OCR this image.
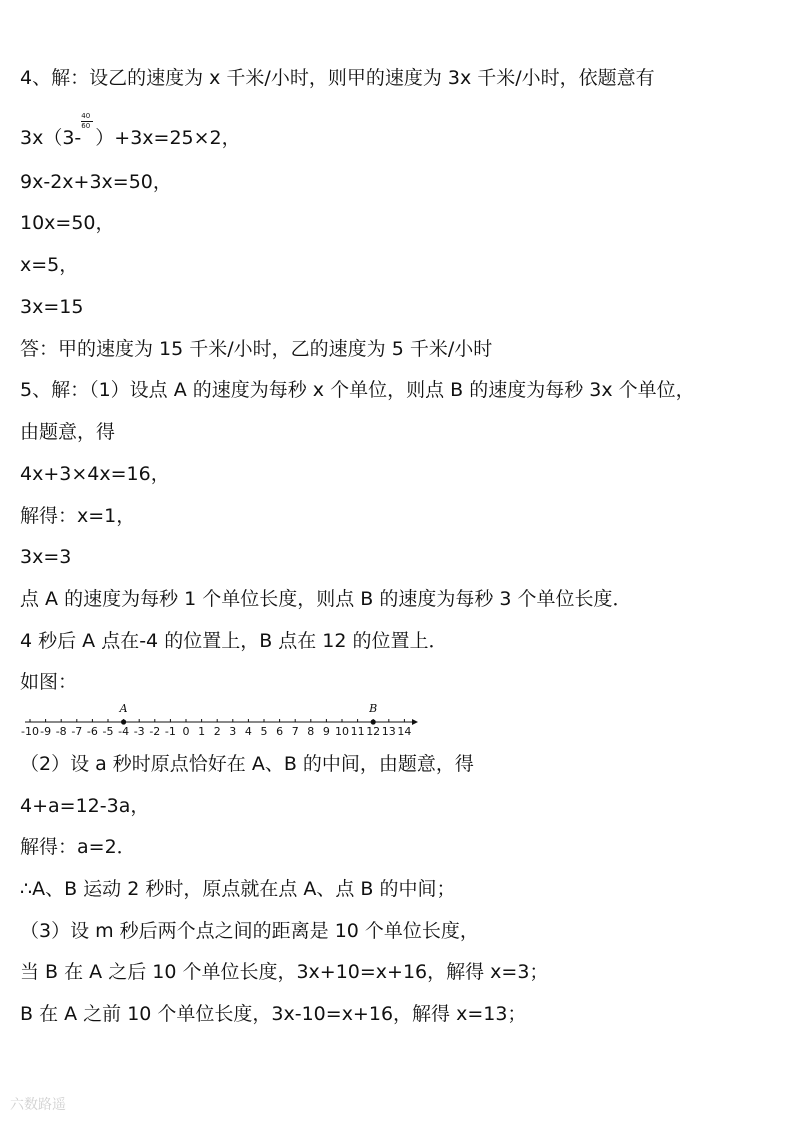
4、解：设乙的速度为 x 千米/小时，则甲的速度为 3x 千米/小时，依题意有
$3x(3- \frac{40}{60} )+3x=25\times 2$，
9x-2x+3x=50，
10x=50，
x=5，
3x=15
答：甲的速度为 15 千米/小时，乙的速度为 5 千米/小时
5、解：（1）设点 A 的速度为每秒 x 个单位，则点 B 的速度为每秒 3x 个单位，
由题意，得
4x+3×4x=16，
解得：x=1，
3x=3
点 A 的速度为每秒 1 个单位长度，则点 B 的速度为每秒 3 个单位长度．
4 秒后 A 点在-4 的位置上，B 点在 12 的位置上．
如图：
-10 -9 -8 -7 -6 -5 -4 -3 -2 -1 0 1 2 3 4 5 6 7 8 9 10 11 12 13 14
A	B
（2）设 a 秒时原点恰好在 A、B 的中间，由题意，得
4+a=12-3a，
解得：a=2．
∴A、B 运动 2 秒时，原点就在点 A、点 B 的中间；
（3）设 m 秒后两个点之间的距离是 10 个单位长度，
当 B 在 A 之后 10 个单位长度，3x+10=x+16，解得 x=3；
B 在 A 之前 10 个单位长度，3x-10=x+16，解得 x=13；
六数路遥
